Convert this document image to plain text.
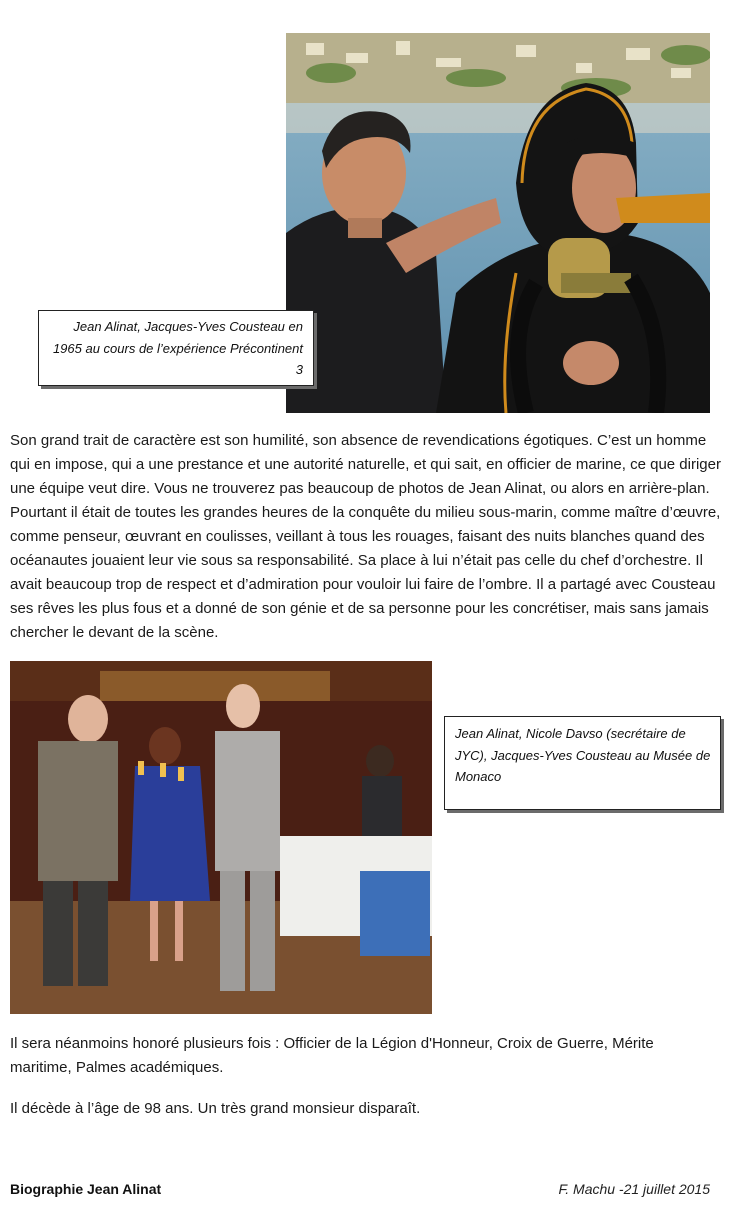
Jean Alinat, Jacques-Yves Cousteau en 1965 au cours de l’expérience Précontinent 3

Son grand trait de caractère est son humilité, son absence de revendications égotiques. C’est un homme qui en impose, qui a une prestance et une autorité naturelle, et qui sait, en officier de marine, ce que diriger une équipe veut dire. Vous ne trouverez pas beaucoup de photos de Jean Alinat, ou alors en arrière-plan. Pourtant il était de toutes les grandes heures de la conquête du milieu sous-marin, comme maître d’œuvre, comme penseur, œuvrant en coulisses, veillant à tous les rouages, faisant des nuits blanches quand des océanautes jouaient leur vie sous sa responsabilité. Sa place à lui n’était pas celle du chef d’orchestre. Il avait beaucoup trop de respect et d’admiration pour vouloir lui faire de l’ombre. Il a partagé avec Cousteau ses rêves les plus fous et a donné de son génie et de sa personne pour les concrétiser, mais sans jamais chercher le devant de la scène.

Jean Alinat, Nicole Davso (secrétaire de JYC), Jacques-Yves Cousteau au Musée de Monaco

Il sera néanmoins honoré plusieurs fois : Officier de la Légion d'Honneur, Croix de Guerre, Mérite maritime, Palmes académiques.

Il décède à l’âge de 98 ans. Un très grand monsieur disparaît.

Biographie Jean Alinat	F. Machu -21 juillet 2015
